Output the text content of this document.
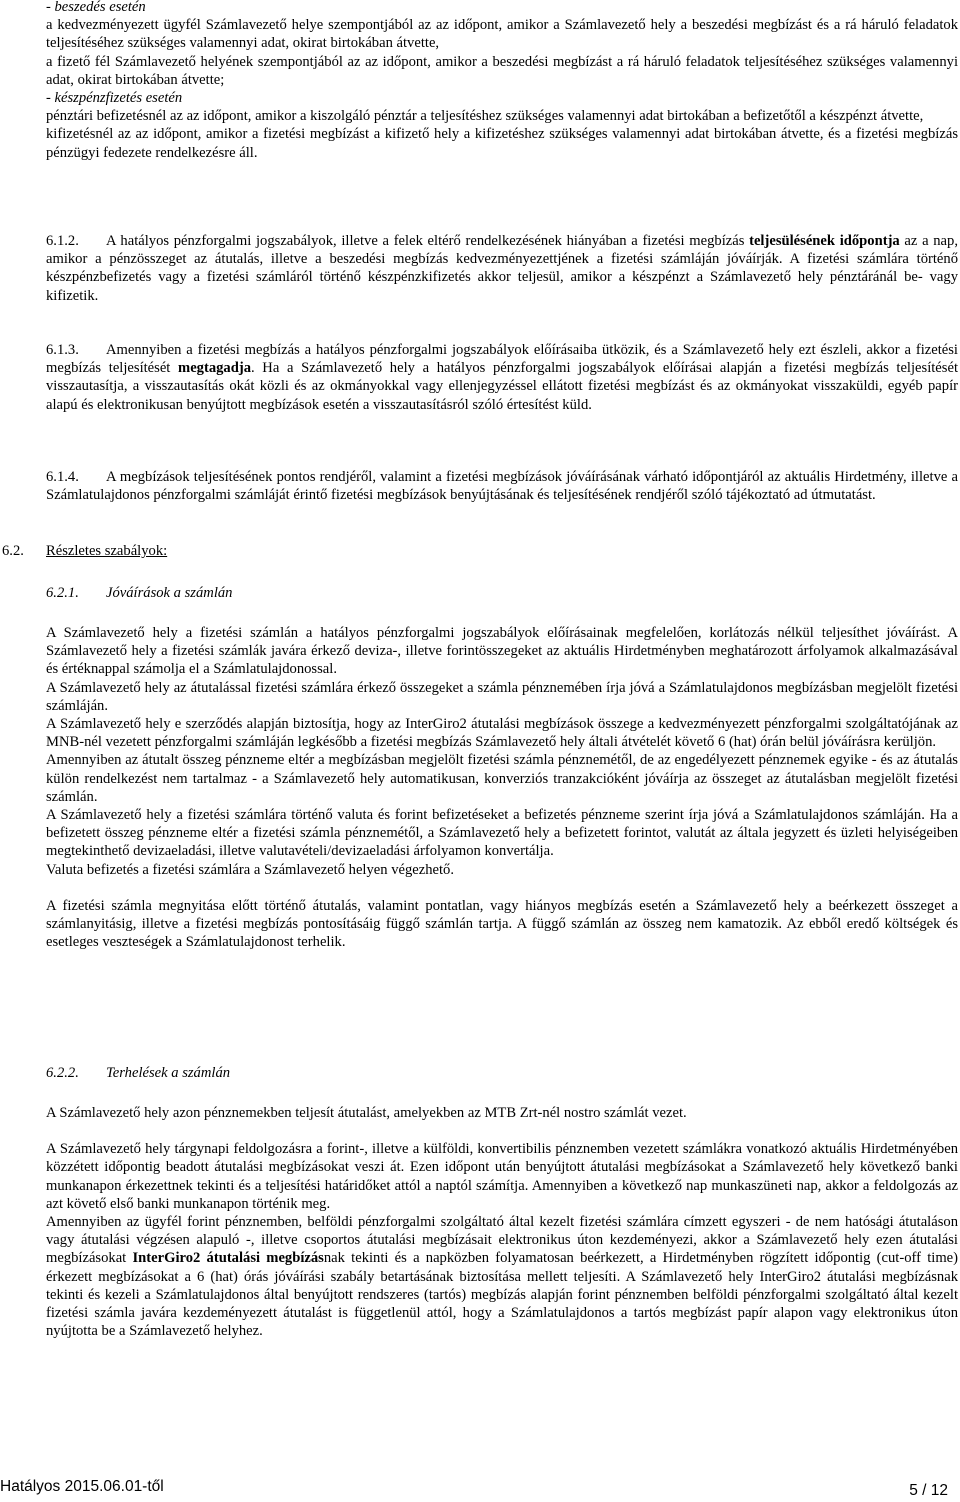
- beszedés esetén

a kedvezményezett ügyfél Számlavezető helye szempontjából az az időpont, amikor a Számlavezető hely a beszedési megbízást és a rá háruló feladatok teljesítéséhez szükséges valamennyi adat, okirat birtokában átvette,

a fizető fél Számlavezető helyének szempontjából az az időpont, amikor a beszedési megbízást a rá háruló feladatok teljesítéséhez szükséges valamennyi adat, okirat birtokában átvette;

- készpénzfizetés esetén

pénztári befizetésnél az az időpont, amikor a kiszolgáló pénztár a teljesítéshez szükséges valamennyi adat birtokában a befizetőtől a készpénzt átvette,

kifizetésnél az az időpont, amikor a fizetési megbízást a kifizető hely a kifizetéshez szükséges valamennyi adat birtokában átvette, és a fizetési megbízás pénzügyi fedezete rendelkezésre áll.

6.1.2. A hatályos pénzforgalmi jogszabályok, illetve a felek eltérő rendelkezésének hiányában a fizetési megbízás teljesülésének időpontja az a nap, amikor a pénzösszeget az átutalás, illetve a beszedési megbízás kedvezményezettjének a fizetési számláján jóváírják. A fizetési számlára történő készpénzbefizetés vagy a fizetési számláról történő készpénzkifizetés akkor teljesül, amikor a készpénzt a Számlavezető hely pénztáránál be- vagy kifizetik.

6.1.3. Amennyiben a fizetési megbízás a hatályos pénzforgalmi jogszabályok előírásaiba ütközik, és a Számlavezető hely ezt észleli, akkor a fizetési megbízás teljesítését megtagadja. Ha a Számlavezető hely a hatályos pénzforgalmi jogszabályok előírásai alapján a fizetési megbízás teljesítését visszautasítja, a visszautasítás okát közli és az okmányokkal vagy ellenjegyzéssel ellátott fizetési megbízást és az okmányokat visszaküldi, egyéb papír alapú és elektronikusan benyújtott megbízások esetén a visszautasításról szóló értesítést küld.

6.1.4. A megbízások teljesítésének pontos rendjéről, valamint a fizetési megbízások jóváírásának várható időpontjáról az aktuális Hirdetmény, illetve a Számlatulajdonos pénzforgalmi számláját érintő fizetési megbízások benyújtásának és teljesítésének rendjéről szóló tájékoztató ad útmutatást.

6.2. Részletes szabályok:

6.2.1. Jóváírások a számlán

A Számlavezető hely a fizetési számlán a hatályos pénzforgalmi jogszabályok előírásainak megfelelően, korlátozás nélkül teljesíthet jóváírást. A Számlavezető hely a fizetési számlák javára érkező deviza-, illetve forintösszegeket az aktuális Hirdetményben meghatározott árfolyamok alkalmazásával és értéknappal számolja el a Számlatulajdonossal.

A Számlavezető hely az átutalással fizetési számlára érkező összegeket a számla pénznemében írja jóvá a Számlatulajdonos megbízásban megjelölt fizetési számláján.

A Számlavezető hely e szerződés alapján biztosítja, hogy az InterGiro2 átutalási megbízások összege a kedvezményezett pénzforgalmi szolgáltatójának az MNB-nél vezetett pénzforgalmi számláján legkésőbb a fizetési megbízás Számlavezető hely általi átvételét követő 6 (hat) órán belül jóváírásra kerüljön.

Amennyiben az átutalt összeg pénzneme eltér a megbízásban megjelölt fizetési számla pénznemétől, de az engedélyezett pénznemek egyike - és az átutalás külön rendelkezést nem tartalmaz - a Számlavezető hely automatikusan, konverziós tranzakcióként jóváírja az összeget az átutalásban megjelölt fizetési számlán.

A Számlavezető hely a fizetési számlára történő valuta és forint befizetéseket a befizetés pénzneme szerint írja jóvá a Számlatulajdonos számláján. Ha a befizetett összeg pénzneme eltér a fizetési számla pénznemétől, a Számlavezető hely a befizetett forintot, valutát az általa jegyzett és üzleti helyiségeiben megtekinthető devizaeladási, illetve valutavételi/devizaeladási árfolyamon konvertálja.

Valuta befizetés a fizetési számlára a Számlavezető helyen végezhető.

A fizetési számla megnyitása előtt történő átutalás, valamint pontatlan, vagy hiányos megbízás esetén a Számlavezető hely a beérkezett összeget a számlanyitásig, illetve a fizetési megbízás pontosításáig függő számlán tartja. A függő számlán az összeg nem kamatozik. Az ebből eredő költségek és esetleges veszteségek a Számlatulajdonost terhelik.

6.2.2. Terhelések a számlán

A Számlavezető hely azon pénznemekben teljesít átutalást, amelyekben az MTB Zrt-nél nostro számlát vezet.

A Számlavezető hely tárgynapi feldolgozásra a forint-, illetve a külföldi, konvertibilis pénznemben vezetett számlákra vonatkozó aktuális Hirdetményében közzétett időpontig beadott átutalási megbízásokat veszi át. Ezen időpont után benyújtott átutalási megbízásokat a Számlavezető hely következő banki munkanapon érkezettnek tekinti és a teljesítési határidőket attól a naptól számítja. Amennyiben a következő nap munkaszüneti nap, akkor a feldolgozás az azt követő első banki munkanapon történik meg.

Amennyiben az ügyfél forint pénznemben, belföldi pénzforgalmi szolgáltató által kezelt fizetési számlára címzett egyszeri - de nem hatósági átutaláson vagy átutalási végzésen alapuló -, illetve csoportos átutalási megbízásait elektronikus úton kezdeményezi, akkor a Számlavezető hely ezen átutalási megbízásokat InterGiro2 átutalási megbízásnak tekinti és a napközben folyamatosan beérkezett, a Hirdetményben rögzített időpontig (cut-off time) érkezett megbízásokat a 6 (hat) órás jóváírási szabály betartásának biztosítása mellett teljesíti. A Számlavezető hely InterGiro2 átutalási megbízásnak tekinti és kezeli a Számlatulajdonos által benyújtott rendszeres (tartós) megbízás alapján forint pénznemben belföldi pénzforgalmi szolgáltató által kezelt fizetési számla javára kezdeményezett átutalást is függetlenül attól, hogy a Számlatulajdonos a tartós megbízást papír alapon vagy elektronikus úton nyújtotta be a Számlavezető helyhez.

Hatályos 2015.06.01-től	5 / 12
